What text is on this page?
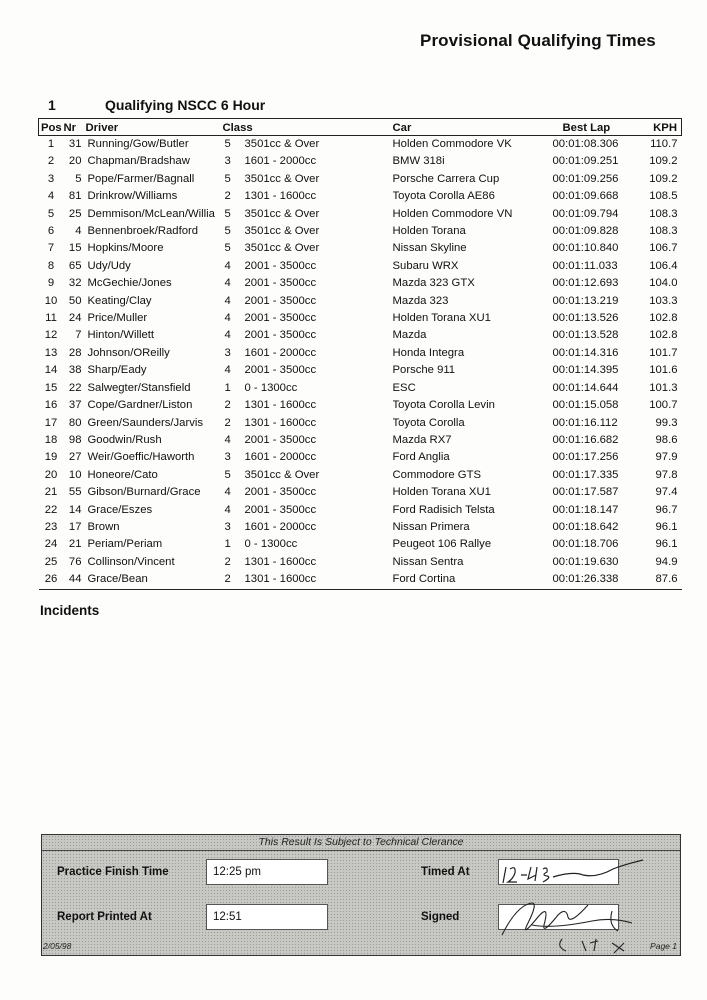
Provisional Qualifying Times
1	Qualifying NSCC 6 Hour
Pos	Nr	Driver	Class		Car	Best Lap	KPH
1	31	Running/Gow/Butler	5	3501cc & Over	Holden Commodore VK	00:01:08.306	110.7
2	20	Chapman/Bradshaw	3	1601 - 2000cc	BMW 318i	00:01:09.251	109.2
3	5	Pope/Farmer/Bagnall	5	3501cc & Over	Porsche Carrera Cup	00:01:09.256	109.2
4	81	Drinkrow/Williams	2	1301 - 1600cc	Toyota Corolla AE86	00:01:09.668	108.5
5	25	Demmison/McLean/Willia	5	3501cc & Over	Holden Commodore VN	00:01:09.794	108.3
6	4	Bennenbroek/Radford	5	3501cc & Over	Holden Torana	00:01:09.828	108.3
7	15	Hopkins/Moore	5	3501cc & Over	Nissan Skyline	00:01:10.840	106.7
8	65	Udy/Udy	4	2001 - 3500cc	Subaru WRX	00:01:11.033	106.4
9	32	McGechie/Jones	4	2001 - 3500cc	Mazda 323 GTX	00:01:12.693	104.0
10	50	Keating/Clay	4	2001 - 3500cc	Mazda 323	00:01:13.219	103.3
11	24	Price/Muller	4	2001 - 3500cc	Holden Torana XU1	00:01:13.526	102.8
12	7	Hinton/Willett	4	2001 - 3500cc	Mazda	00:01:13.528	102.8
13	28	Johnson/OReilly	3	1601 - 2000cc	Honda Integra	00:01:14.316	101.7
14	38	Sharp/Eady	4	2001 - 3500cc	Porsche 911	00:01:14.395	101.6
15	22	Salwegter/Stansfield	1	0 - 1300cc	ESC	00:01:14.644	101.3
16	37	Cope/Gardner/Liston	2	1301 - 1600cc	Toyota Corolla Levin	00:01:15.058	100.7
17	80	Green/Saunders/Jarvis	2	1301 - 1600cc	Toyota Corolla	00:01:16.112	99.3
18	98	Goodwin/Rush	4	2001 - 3500cc	Mazda RX7	00:01:16.682	98.6
19	27	Weir/Goeffic/Haworth	3	1601 - 2000cc	Ford Anglia	00:01:17.256	97.9
20	10	Honeore/Cato	5	3501cc & Over	Commodore GTS	00:01:17.335	97.8
21	55	Gibson/Burnard/Grace	4	2001 - 3500cc	Holden Torana XU1	00:01:17.587	97.4
22	14	Grace/Eszes	4	2001 - 3500cc	Ford Radisich Telsta	00:01:18.147	96.7
23	17	Brown	3	1601 - 2000cc	Nissan Primera	00:01:18.642	96.1
24	21	Periam/Periam	1	0 - 1300cc	Peugeot 106 Rallye	00:01:18.706	96.1
25	76	Collinson/Vincent	2	1301 - 1600cc	Nissan Sentra	00:01:19.630	94.9
26	44	Grace/Bean	2	1301 - 1600cc	Ford Cortina	00:01:26.338	87.6
Incidents
This Result Is Subject to Technical Clerance
Practice Finish Time	12:25 pm
Report Printed At	12:51
Timed At
Signed
2/05/98	Page 1
